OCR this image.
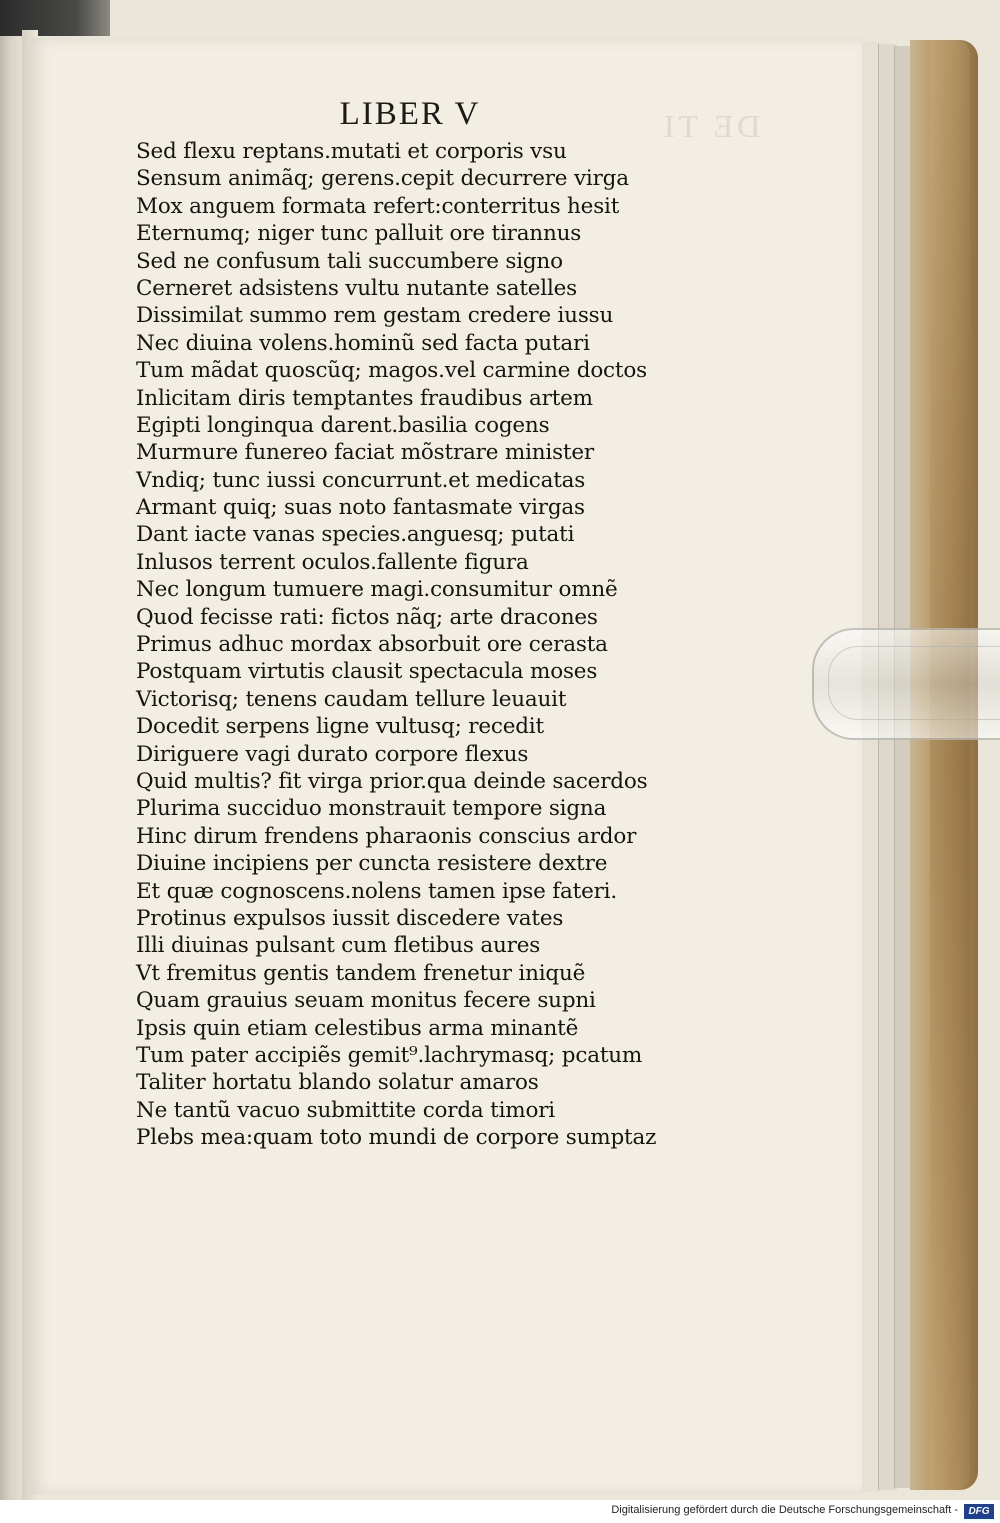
DE TI
LIBER V
Sed flexu reptans.mutati et corporis vsu
Sensum animãq; gerens.cepit decurrere virga
Mox anguem formata refert:conterritus hesit
Eternumq; niger tunc palluit ore tirannus
Sed ne confusum tali succumbere signo
Cerneret adsistens vultu nutante satelles
Dissimilat summo rem gestam credere iussu
Nec diuina volens.hominũ sed facta putari
Tum mãdat quoscũq; magos.vel carmine doctos
Inlicitam diris temptantes fraudibus artem
Egipti longinqua darent.basilia cogens
Murmure funereo faciat mõstrare minister
Vndiq; tunc iussi concurrunt.et medicatas
Armant quiq; suas noto fantasmate virgas
Dant iacte vanas species.anguesq; putati
Inlusos terrent oculos.fallente figura
Nec longum tumuere magi.consumitur omnẽ
Quod fecisse rati: fictos nãq; arte dracones
Primus adhuc mordax absorbuit ore cerasta
Postquam virtutis clausit spectacula moses
Victorisq; tenens caudam tellure leuauit
Docedit serpens ligne vultusq; recedit
Diriguere vagi durato corpore flexus
Quid multis? fit virga prior.qua deinde sacerdos
Plurima succiduo monstrauit tempore signa
Hinc dirum frendens pharaonis conscius ardor
Diuine incipiens per cuncta resistere dextre
Et quæ cognoscens.nolens tamen ipse fateri.
Protinus expulsos iussit discedere vates
Illi diuinas pulsant cum fletibus aures
Vt fremitus gentis tandem frenetur iniquẽ
Quam grauius seuam monitus fecere supni
Ipsis quin etiam celestibus arma minantẽ
Tum pater accipiẽs gemit⁹.lachrymasq; pcatum
Taliter hortatu blando solatur amaros
Ne tantũ vacuo submittite corda timori
Plebs mea:quam toto mundi de corpore sumptaz
Digitalisierung gefördert durch die Deutsche Forschungsgemeinschaft -	DFG
